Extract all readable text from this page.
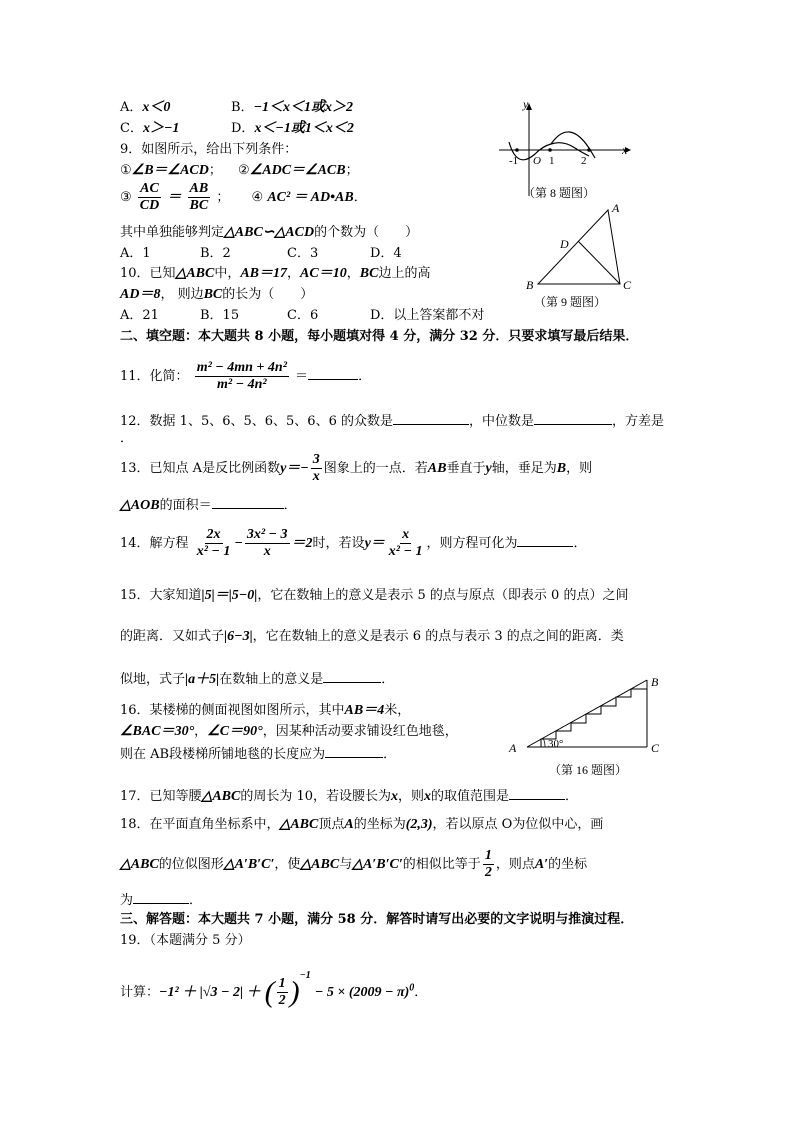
A．x＜0	B．−1＜x＜1或x＞2
C．x＞−1	D．x＜−1或1＜x＜2
y
x
-1 O 1 2
（第 8 题图）
9．如图所示，给出下列条件：
①∠B＝∠ACD； ②∠ADC＝∠ACB；
③ $\frac{AC}{CD} = \frac{AB}{BC}$ ； ④ AC² ＝ AD•AB．
其中单独能够判定△ABC∽△ACD的个数为（　　）
A．1	B．2	C．3	D．4
A
B	C
D
（第 9 题图）
10．已知△ABC中，AB＝17，AC＝10，BC边上的高
AD＝8， 则边BC的长为（　　）
A．21	B．15	C．6	D．以上答案都不对
二、填空题：本大题共 8 小题，每小题填对得 4 分，满分 32 分．只要求填写最后结果．
11．化简： $\frac{\text{m² − 4mn + 4n²}}{\text{m² − 4n²}}$ ＝	．
12．数据 1、5、6、5、6、5、6、6 的众数是	，中位数是	，方差是
．
13．已知点 A是反比例函数$y=- \frac{3}{x}$ 图象上的一点．若AB垂直于y轴，垂足为B，则
△AOB的面积＝	．
14．解方程 $\frac{2x}{\text{x² − 1}} - \frac{\text{3x² − 3}}{x} =2$时，若设$y= \frac{x}{\text{x² − 1}}$ ，则方程可化为	．
15．大家知道|5|＝|5−0|，它在数轴上的意义是表示 5 的点与原点（即表示 0 的点）之间
的距离．又如式子|6−3|，它在数轴上的意义是表示 6 的点与表示 3 的点之间的距离．类
似地，式子|a＋5|在数轴上的意义是	．
16．某楼梯的侧面视图如图所示，其中AB＝4米，
∠BAC＝30°，∠C＝90°，因某种活动要求铺设红色地毯，
则在 AB段楼梯所铺地毯的长度应为	．	A
B
C
30°
（第 16 题图）
17．已知等腰△ABC的周长为 10，若设腰长为x，则x的取值范围是	．
18．在平面直角坐标系中，△ABC顶点A的坐标为(2,3)，若以原点 O为位似中心，画
△ABC的位似图形△A′B′C′，使△ABC与△A′B′C′的相似比等于 $\frac{1}{2}$ ，则点A′的坐标
为	．
三、解答题：本大题共 7 小题，满分 58 分．解答时请写出必要的文字说明与推演过程．
19．（本题满分 5 分）
计算：−1² ＋ |√3 − 2| ＋ ( $\frac{1}{2} )^{-1} - 5 \times (2009 - \pi)^0$．
